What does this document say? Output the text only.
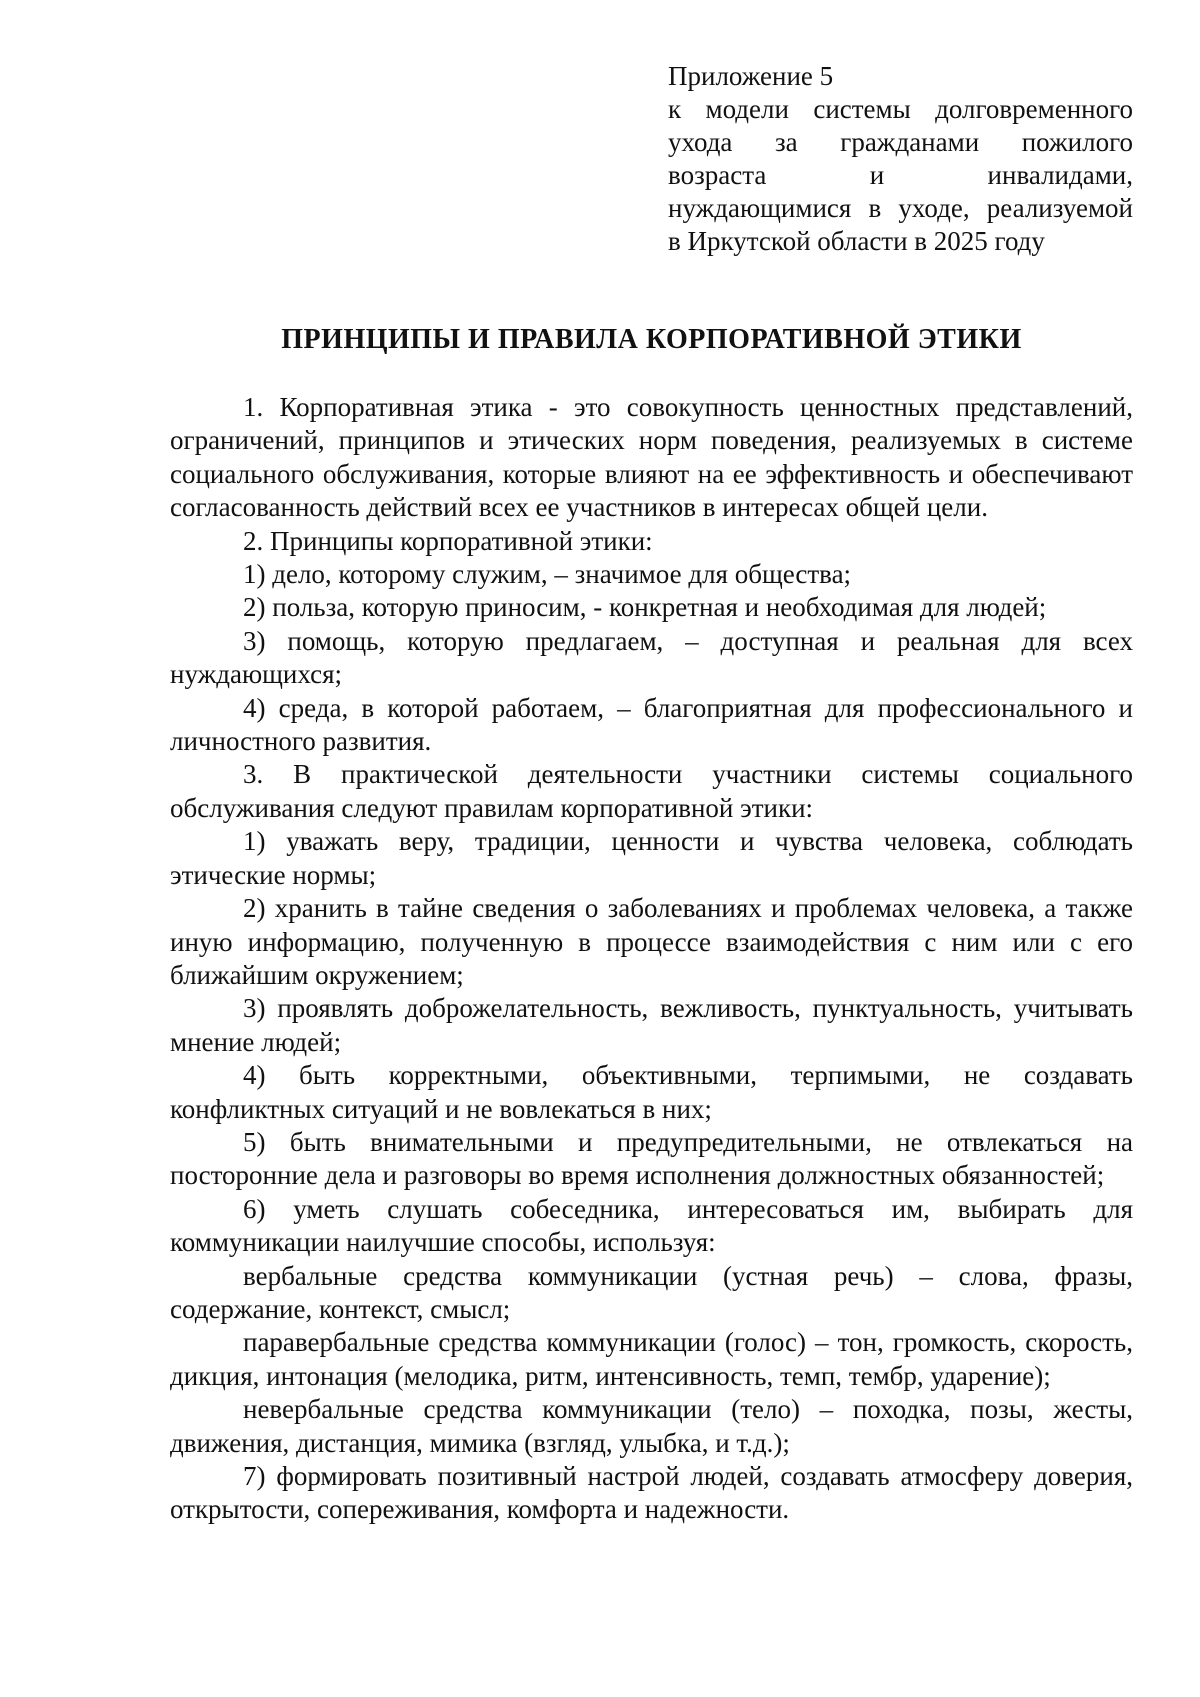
Приложение 5
к модели системы долговременного
ухода за гражданами пожилого
возраста и инвалидами,
нуждающимися в уходе, реализуемой
в Иркутской области в 2025 году
ПРИНЦИПЫ И ПРАВИЛА КОРПОРАТИВНОЙ ЭТИКИ

1. Корпоративная этика - это совокупность ценностных представлений, ограничений, принципов и этических норм поведения, реализуемых в системе социального обслуживания, которые влияют на ее эффективность и обеспечивают согласованность действий всех ее участников в интересах общей цели.

2. Принципы корпоративной этики:

1) дело, которому служим, – значимое для общества;

2) польза, которую приносим, - конкретная и необходимая для людей;

3) помощь, которую предлагаем, – доступная и реальная для всех нуждающихся;

4) среда, в которой работаем, – благоприятная для профессионального и личностного развития.

3. В практической деятельности участники системы социального обслуживания следуют правилам корпоративной этики:

1) уважать веру, традиции, ценности и чувства человека, соблюдать этические нормы;

2) хранить в тайне сведения о заболеваниях и проблемах человека, а также иную информацию, полученную в процессе взаимодействия с ним или с его ближайшим окружением;

3) проявлять доброжелательность, вежливость, пунктуальность, учитывать мнение людей;

4) быть корректными, объективными, терпимыми, не создавать конфликтных ситуаций и не вовлекаться в них;

5) быть внимательными и предупредительными, не отвлекаться на посторонние дела и разговоры во время исполнения должностных обязанностей;

6) уметь слушать собеседника, интересоваться им, выбирать для коммуникации наилучшие способы, используя:

вербальные средства коммуникации (устная речь) – слова, фразы, содержание, контекст, смысл;

паравербальные средства коммуникации (голос) – тон, громкость, скорость, дикция, интонация (мелодика, ритм, интенсивность, темп, тембр, ударение);

невербальные средства коммуникации (тело) – походка, позы, жесты, движения, дистанция, мимика (взгляд, улыбка, и т.д.);

7) формировать позитивный настрой людей, создавать атмосферу доверия, открытости, сопереживания, комфорта и надежности.
